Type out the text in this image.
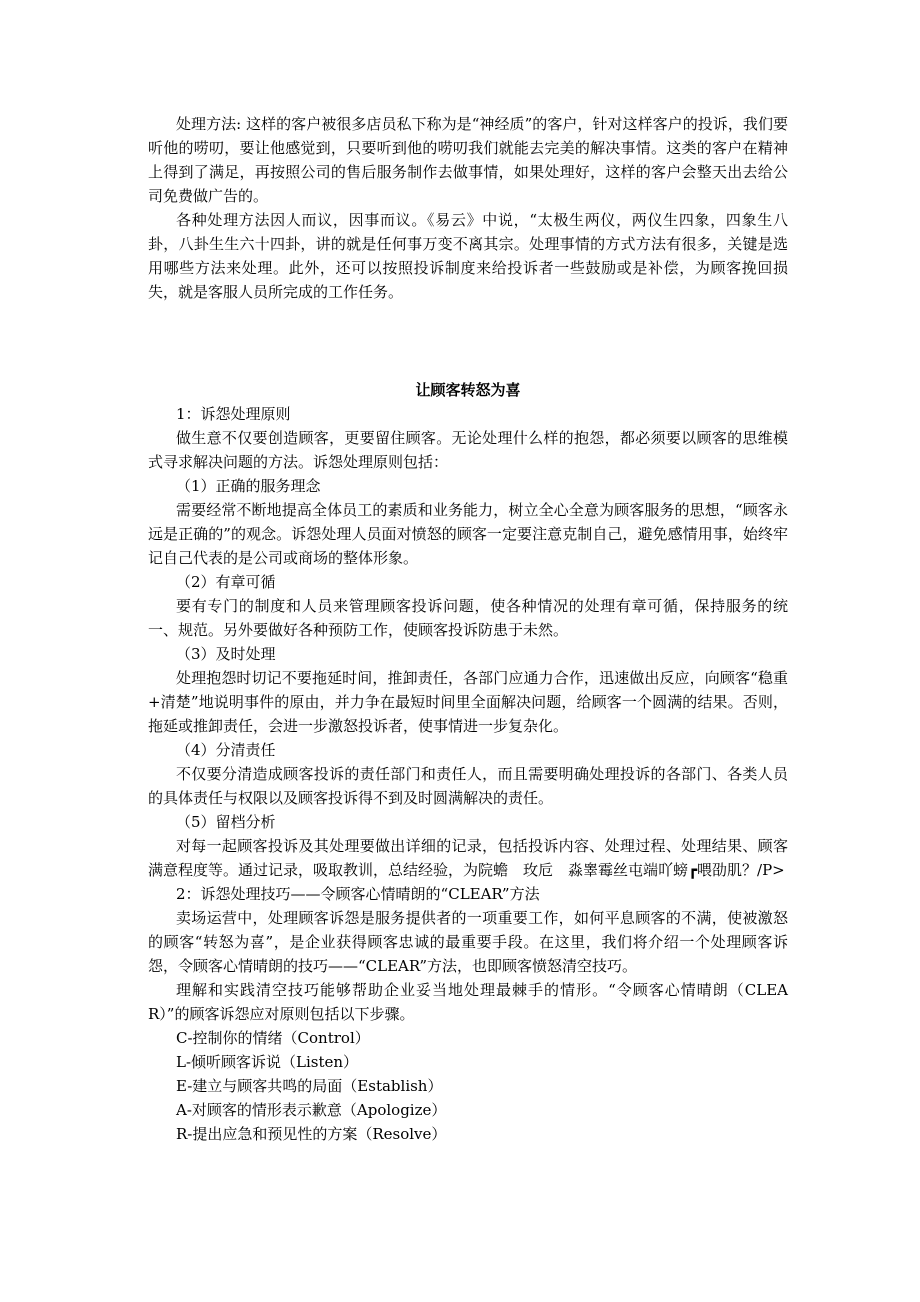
处理方法: 这样的客户被很多店员私下称为是“神经质”的客户，针对这样客户的投诉，我们要听他的唠叨，要让他感觉到，只要听到他的唠叨我们就能去完美的解决事情。这类的客户在精神上得到了满足，再按照公司的售后服务制作去做事情，如果处理好，这样的客户会整天出去给公司免费做广告的。

各种处理方法因人而议，因事而议。《易云》中说，“太极生两仪，两仪生四象，四象生八卦，八卦生生六十四卦，讲的就是任何事万变不离其宗。处理事情的方式方法有很多，关键是选用哪些方法来处理。此外，还可以按照投诉制度来给投诉者一些鼓励或是补偿，为顾客挽回损失，就是客服人员所完成的工作任务。

让顾客转怒为喜

1：诉怨处理原则

做生意不仅要创造顾客，更要留住顾客。无论处理什么样的抱怨，都必须要以顾客的思维模式寻求解决问题的方法。诉怨处理原则包括：

（1）正确的服务理念

需要经常不断地提高全体员工的素质和业务能力，树立全心全意为顾客服务的思想，“顾客永远是正确的”的观念。诉怨处理人员面对愤怒的顾客一定要注意克制自己，避免感情用事，始终牢记自己代表的是公司或商场的整体形象。

（2）有章可循

要有专门的制度和人员来管理顾客投诉问题，使各种情况的处理有章可循，保持服务的统一、规范。另外要做好各种预防工作，使顾客投诉防患于未然。

（3）及时处理

处理抱怨时切记不要拖延时间，推卸责任，各部门应通力合作，迅速做出反应，向顾客“稳重+清楚”地说明事件的原由，并力争在最短时间里全面解决问题，给顾客一个圆满的结果。否则，拖延或推卸责任，会进一步激怒投诉者，使事情进一步复杂化。

（4）分清责任

不仅要分清造成顾客投诉的责任部门和责任人，而且需要明确处理投诉的各部门、各类人员的具体责任与权限以及顾客投诉得不到及时圆满解决的责任。

（5）留档分析

对每一起顾客投诉及其处理要做出详细的记录，包括投诉内容、处理过程、处理结果、顾客满意程度等。通过记录，吸取教训，总结经验，为院蟾　玫卮　淼睾霉丝屯端吖螃┏喂劭肌？/P>

2：诉怨处理技巧——令顾客心情晴朗的“CLEAR”方法

卖场运营中，处理顾客诉怨是服务提供者的一项重要工作，如何平息顾客的不满，使被激怒的顾客“转怒为喜”，是企业获得顾客忠诚的最重要手段。在这里，我们将介绍一个处理顾客诉怨，令顾客心情晴朗的技巧——“CLEAR”方法，也即顾客愤怒清空技巧。

理解和实践清空技巧能够帮助企业妥当地处理最棘手的情形。“令顾客心情晴朗（CLEAR）”的顾客诉怨应对原则包括以下步骤。

C-控制你的情绪（Control）

L-倾听顾客诉说（Listen）

E-建立与顾客共鸣的局面（Establish）

A-对顾客的情形表示歉意（Apologize）

R-提出应急和预见性的方案（Resolve）
